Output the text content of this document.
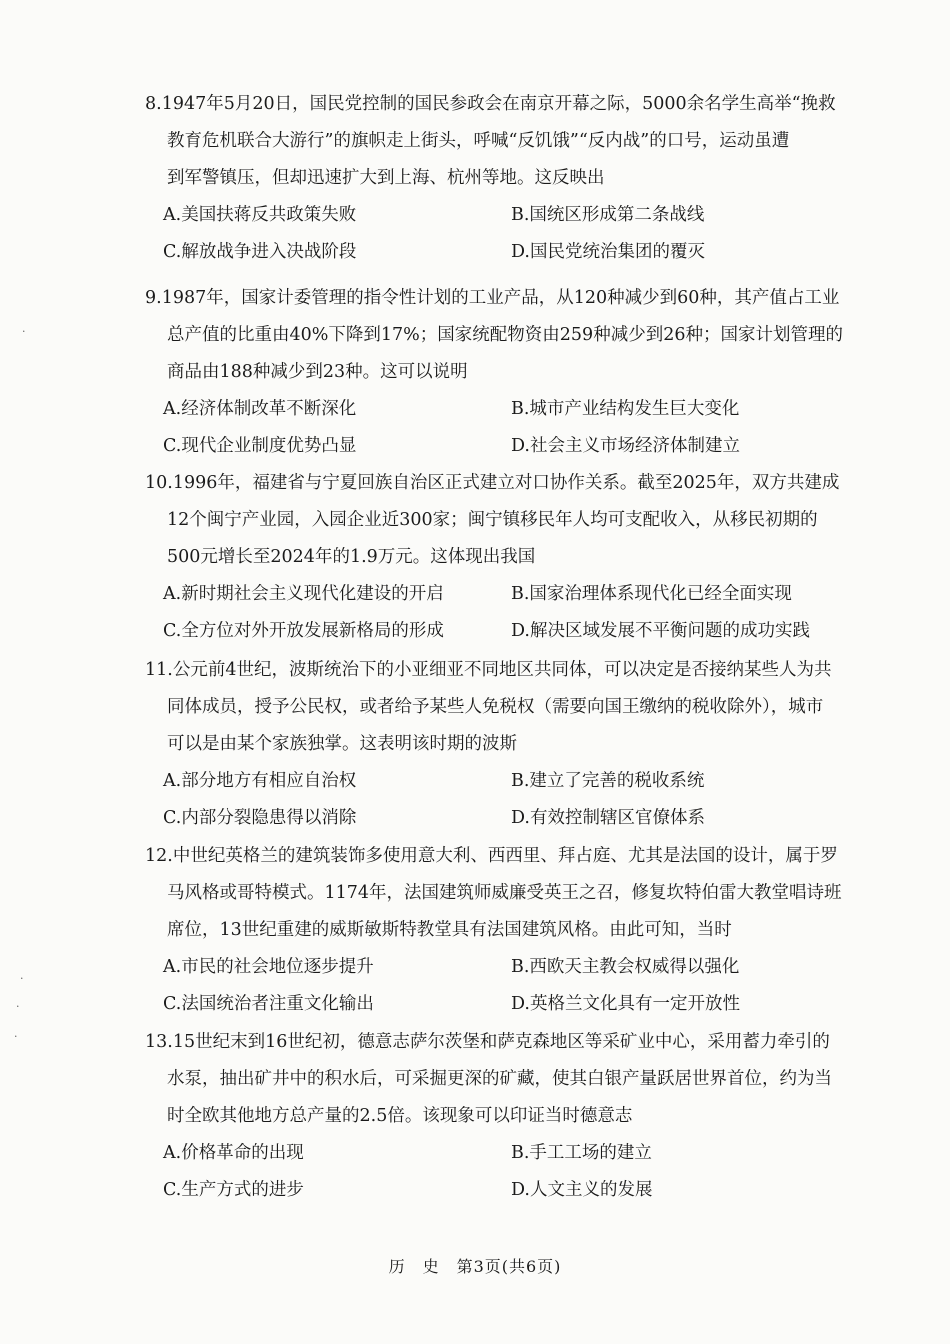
8.1947年5月20日，国民党控制的国民参政会在南京开幕之际，5000余名学生高举“挽救
教育危机联合大游行”的旗帜走上街头，呼喊“反饥饿”“反内战”的口号，运动虽遭
到军警镇压，但却迅速扩大到上海、杭州等地。这反映出

A.美国扶蒋反共政策失败	B.国统区形成第二条战线
C.解放战争进入决战阶段	D.国民党统治集团的覆灭

9.1987年，国家计委管理的指令性计划的工业产品，从120种减少到60种，其产值占工业
总产值的比重由40%下降到17%；国家统配物资由259种减少到26种；国家计划管理的
商品由188种减少到23种。这可以说明

A.经济体制改革不断深化	B.城市产业结构发生巨大变化
C.现代企业制度优势凸显	D.社会主义市场经济体制建立

10.1996年，福建省与宁夏回族自治区正式建立对口协作关系。截至2025年，双方共建成
12个闽宁产业园，入园企业近300家；闽宁镇移民年人均可支配收入，从移民初期的
500元增长至2024年的1.9万元。这体现出我国

A.新时期社会主义现代化建设的开启	B.国家治理体系现代化已经全面实现
C.全方位对外开放发展新格局的形成	D.解决区域发展不平衡问题的成功实践

11.公元前4世纪，波斯统治下的小亚细亚不同地区共同体，可以决定是否接纳某些人为共
同体成员，授予公民权，或者给予某些人免税权（需要向国王缴纳的税收除外），城市
可以是由某个家族独掌。这表明该时期的波斯

A.部分地方有相应自治权	B.建立了完善的税收系统
C.内部分裂隐患得以消除	D.有效控制辖区官僚体系

12.中世纪英格兰的建筑装饰多使用意大利、西西里、拜占庭、尤其是法国的设计，属于罗
马风格或哥特模式。1174年，法国建筑师威廉受英王之召，修复坎特伯雷大教堂唱诗班
席位，13世纪重建的威斯敏斯特教堂具有法国建筑风格。由此可知，当时

A.市民的社会地位逐步提升	B.西欧天主教会权威得以强化
C.法国统治者注重文化输出	D.英格兰文化具有一定开放性

13.15世纪末到16世纪初，德意志萨尔茨堡和萨克森地区等采矿业中心，采用蓄力牵引的
水泵，抽出矿井中的积水后，可采掘更深的矿藏，使其白银产量跃居世界首位，约为当
时全欧其他地方总产量的2.5倍。该现象可以印证当时德意志

A.价格革命的出现	B.手工工场的建立
C.生产方式的进步	D.人文主义的发展
历　史　第3页(共6页)
·
·
·
·
